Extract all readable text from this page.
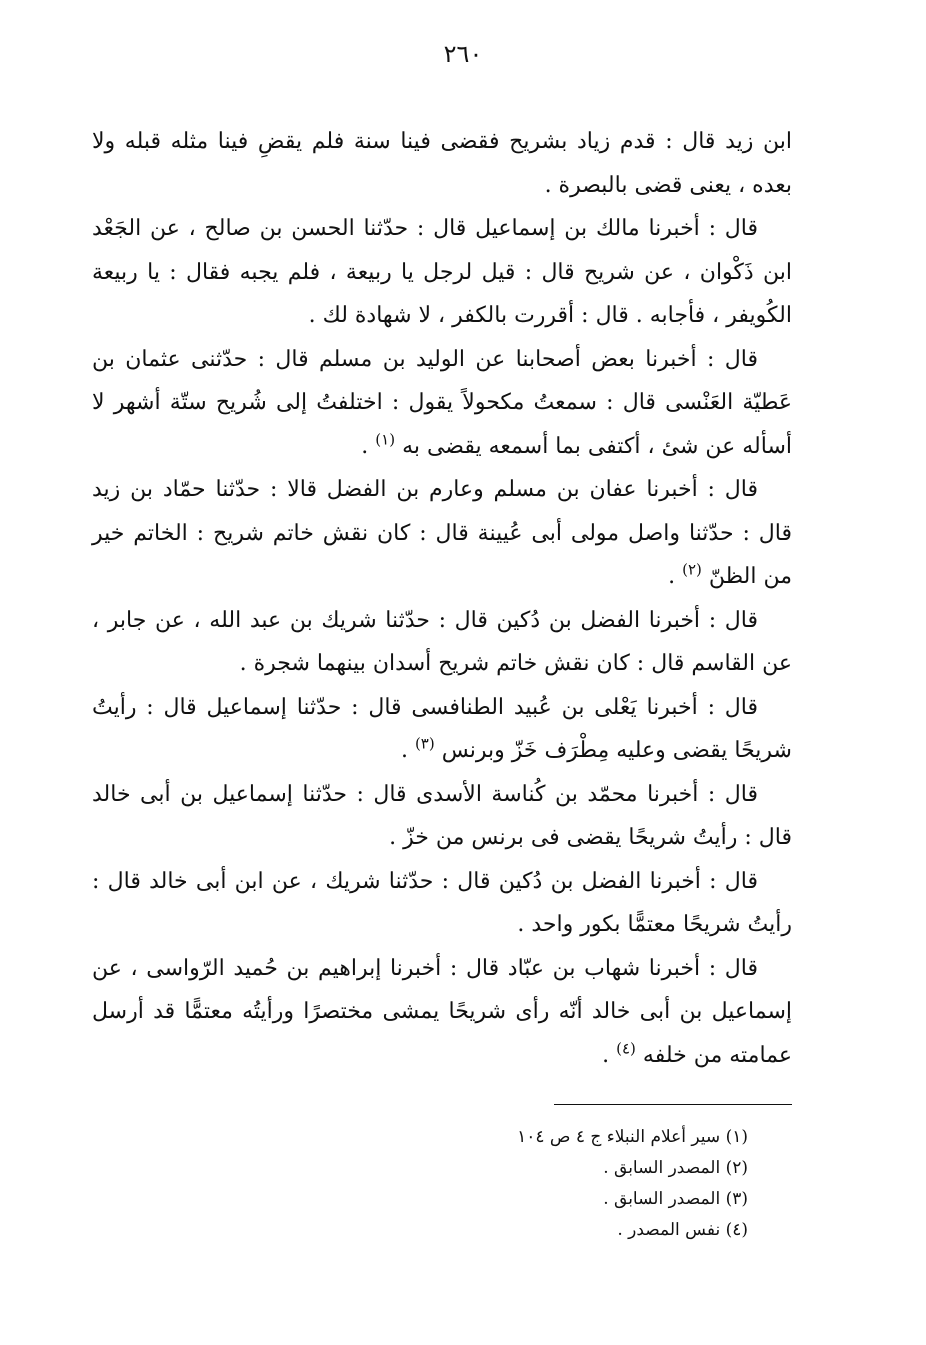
٢٦٠

ابن زيد قال : قدم زياد بشريح فقضى فينا سنة فلم يقضِ فينا مثله قبله ولا بعده ، يعنى قضى بالبصرة .

قال : أخبرنا مالك بن إسماعيل قال : حدّثنا الحسن بن صالح ، عن الجَعْد ابن ذَكْوان ، عن شريح قال : قيل لرجل يا ربيعة ، فلم يجبه فقال : يا ربيعة الكُويفر ، فأجابه . قال : أقررت بالكفر ، لا شهادة لك .

قال : أخبرنا بعض أصحابنا عن الوليد بن مسلم قال : حدّثنى عثمان بن عَطيّة العَنْسى قال : سمعتُ مكحولاً يقول : اختلفتُ إلى شُريح ستّة أشهر لا أسأله عن شئ ، أكتفى بما أسمعه يقضى به $^{(١)}$ .

قال : أخبرنا عفان بن مسلم وعارم بن الفضل قالا : حدّثنا حمّاد بن زيد قال : حدّثنا واصل مولى أبى عُيينة قال : كان نقش خاتم شريح : الخاتم خير من الظنّ $^{(٢)}$ .

قال : أخبرنا الفضل بن دُكين قال : حدّثنا شريك بن عبد الله ، عن جابر ، عن القاسم قال : كان نقش خاتم شريح أسدان بينهما شجرة .

قال : أخبرنا يَعْلى بن عُبيد الطنافسى قال : حدّثنا إسماعيل قال : رأيتُ شريحًا يقضى وعليه مِطْرَف خَزّ وبرنس $^{(٣)}$ .

قال : أخبرنا محمّد بن كُناسة الأسدى قال : حدّثنا إسماعيل بن أبى خالد قال : رأيتُ شريحًا يقضى فى برنس من خزّ .

قال : أخبرنا الفضل بن دُكين قال : حدّثنا شريك ، عن ابن أبى خالد قال : رأيتُ شريحًا معتمًّا بكور واحد .

قال : أخبرنا شهاب بن عبّاد قال : أخبرنا إبراهيم بن حُميد الرّواسى ، عن إسماعيل بن أبى خالد أنّه رأى شريحًا يمشى مختصرًا ورأيتُه معتمًّا قد أرسل عمامته من خلفه $^{(٤)}$ .

(١) سير أعلام النبلاء ج ٤ ص ١٠٤

(٢) المصدر السابق .

(٣) المصدر السابق .

(٤) نفس المصدر .
